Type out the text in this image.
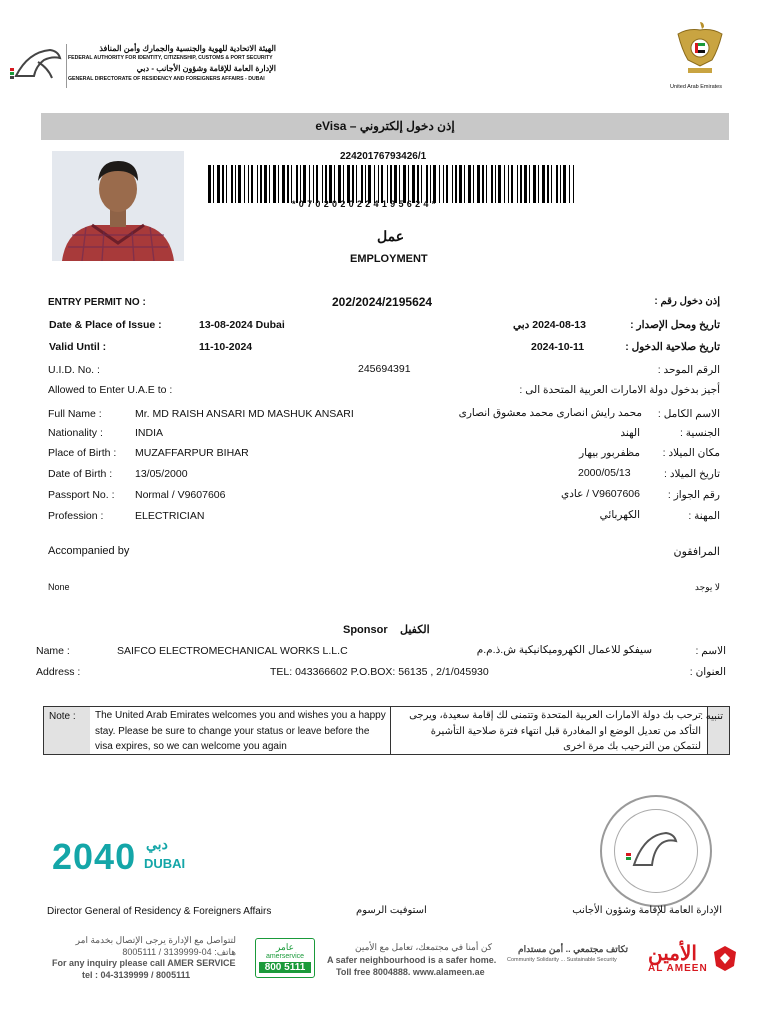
الهيئة الاتحادية للهوية والجنسية والجمارك وأمن المنافذ
FEDERAL AUTHORITY FOR IDENTITY, CITIZENSHIP, CUSTOMS & PORT SECURITY
الإدارة العامة للإقامة وشؤون الأجانب - دبي
GENERAL DIRECTORATE OF RESIDENCY AND FOREIGNERS AFFAIRS - DUBAI
United Arab Emirates
eVisa – إذن دخول إلكتروني
22420176793426/1
*0702020224195624*
عمل
EMPLOYMENT
ENTRY PERMIT NO :	202/2024/2195624	إذن دخول رقم :
Date & Place of Issue :	13-08-2024 Dubai	2024-08-13 دبي	تاريخ ومحل الإصدار :
Valid Until :	11-10-2024	2024-10-11	تاريخ صلاحية الدخول :
U.I.D. No. :	245694391	الرقم الموحد :
Allowed to Enter U.A.E to :	أجيز بدخول دولة الامارات العربية المتحدة الى :
Full Name :	Mr. MD RAISH ANSARI MD MASHUK ANSARI	محمد رايش انصارى محمد معشوق انصارى	الاسم الكامل :
Nationality :	INDIA	الهند	الجنسية :
Place of Birth : MUZAFFARPUR BIHAR	مظفربور بيهار	مكان الميلاد :
Date of Birth : 13/05/2000	2000/05/13	تاريخ الميلاد :
Passport No. : Normal / V9607606	V9607606 / عادي	رقم الجواز :
Profession :	ELECTRICIAN	الكهربائي	المهنة :
Accompanied by	المرافقون
None	لا يوجد
Sponsor الكفيل
Name :	SAIFCO ELECTROMECHANICAL WORKS L.L.C	سيفكو للاعمال الكهروميكانيكية ش.ذ.م.م	الاسم :
Address :	TEL: 043366602 P.O.BOX: 56135 , 2/1/045930	العنوان :
Note : The United Arab Emirates welcomes you and wishes you a happy stay. Please be sure to change your status or leave before the visa expires, so we can welcome you again
ترحب بك دولة الامارات العربية المتحدة وتتمنى لك إقامة سعيدة، ويرجى التأكد من تعديل الوضع او المغادرة قبل انتهاء فترة صلاحية التأشيرة لنتمكن من الترحيب بك مرة اخرى
تنبيه :
2040 دبي
DUBAI
Director General of Residency & Foreigners Affairs	استوفيت الرسوم	الإدارة العامة للإقامة وشؤون الأجانب
لتتواصل مع الإدارة يرجى الإتصال بخدمة امر
هاتف: 04-3139999 / 8005111
For any inquiry please call AMER SERVICE
tel : 04-3139999 / 8005111
عامر
amerservice
800 5111
كن أمنا في مجتمعك، تعامل مع الأمين
A safer neighbourhood is a safer home.
Toll free 8004888. www.alameen.ae
تكاتف مجتمعي .. أمن مستدام
Community Solidarity ... Sustainable Security الأمين
AL AMEEN
